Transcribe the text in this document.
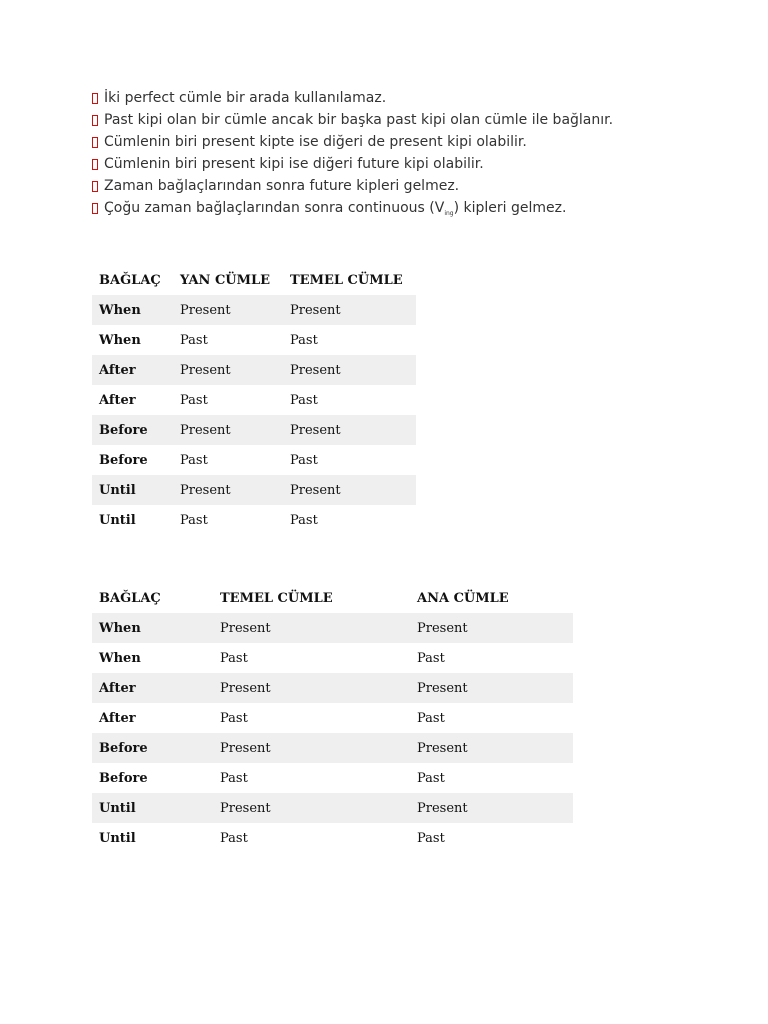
İki perfect cümle bir arada kullanılamaz.
Past kipi olan bir cümle ancak bir başka past kipi olan cümle ile bağlanır.
Cümlenin biri present kipte ise diğeri de present kipi olabilir.
Cümlenin biri present kipi ise diğeri future kipi olabilir.
Zaman bağlaçlarından sonra future kipleri gelmez.
Çoğu zaman bağlaçlarından sonra continuous $(V_{ing})$ kipleri gelmez.
BAĞLAÇ	YAN CÜMLE	TEMEL CÜMLE
When	Present	Present
When	Past	Past
After	Present	Present
After	Past	Past
Before	Present	Present
Before	Past	Past
Until	Present	Present
Until	Past	Past
BAĞLAÇ	TEMEL CÜMLE	ANA CÜMLE
When	Present	Present
When	Past	Past
After	Present	Present
After	Past	Past
Before	Present	Present
Before	Past	Past
Until	Present	Present
Until	Past	Past
